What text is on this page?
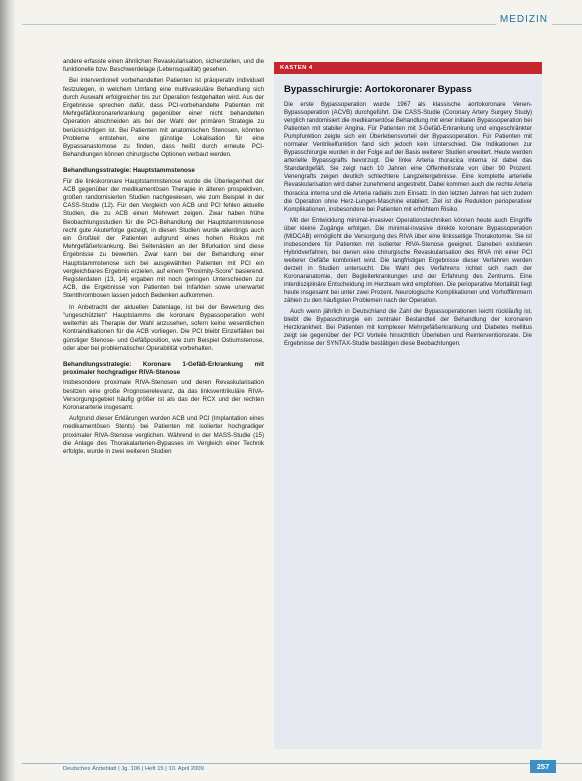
MEDIZIN

andere erfasste einen ähnlichen Revaskularisation, sicherstellen, und die funktionelle bzw. Beschwerdelage (Lebensqualität) gesehen.

Bei interventionell vorbehandelten Patienten ist präoperativ individuell festzulegen, in welchem Umfang eine multivaskuläre Behandlung sich durch Auswahl erfolgreicher bis zur Operation festgehalten wird. Aus der Ergebnisse sprechen dafür, dass PCI-vorbehandelte Patienten mit Mehrgefäßkoronarerkrankung gegenüber einer nicht behandelten Operation abschneiden als bei der Wahl der primären Strategie zu berücksichtigen ist. Bei Patienten mit anatomischen Stenosen, könnten Probleme entstehen, eine günstige Lokalisation für eine Bypassanastomose zu finden, dass heißt durch erneute PCI-Behandlungen können chirurgische Optionen verbaut werden.

Behandlungsstrategie: Hauptstammstenose

Für die linkskoronare Hauptstammstenose wurde die Überlegenheit der ACB gegenüber der medikamentösen Therapie in älteren prospektiven, großen randomisierten Studien nachgewiesen, wie zum Beispiel in der CASS-Studie (12). Für den Vergleich von ACB und PCI fehlen aktuelle Studien, die zu ACB einen Mehrwert zeigen. Zwar haben frühe Beobachtungsstudien für die PCI-Behandlung der Hauptstammstenose recht gute Akuterfolge gezeigt, in diesen Studien wurde allerdings auch ein Großteil der Patienten aufgrund eines hohen Risikos mit Mehrgefäßerkrankung. Bei Seitenästen an der Bifurkation sind diese Ergebnisse zu bewerten. Zwar kann bei der Behandlung einer Hauptstammstenose sich bei ausgewählten Patienten mit PCI ein vergleichbares Ergebnis erzielen, auf einem "Proximity-Score" basierend. Registerdaten (13, 14) ergaben mit noch geringen Unterschieden zur ACB, die Ergebnisse von Patienten bei Infarkten sowie unerwartet Stentthrombosen lassen jedoch Bedenken aufkommen.

In Anbetracht der aktuellen Datenlage, ist bei der Bewertung des "ungeschützten" Hauptstamms die koronare Bypassoperation wohl weiterhin als Therapie der Wahl anzusehen, sofern keine wesentlichen Kontraindikationen für die ACB vorliegen. Die PCI bleibt Einzelfällen bei günstiger Stenose- und Gefäßposition, wie zum Beispiel Ostiumstenose, oder aber bei problematischer Operabilität vorbehalten.

Behandlungsstrategie: Koronare 1-Gefäß-Erkrankung mit proximaler hochgradiger RIVA-Stenose

Insbesondere proximale RIVA-Stenosen und deren Revaskularisation besitzen eine große Prognoserelevanz, da das linksventrikuläre RIVA-Versorgungsgebiet häufig größer ist als das der RCX und der rechten Koronararterie insgesamt.

Aufgrund dieser Erklärungen wurden ACB und PCI (Implantation eines medikamentösen Stents) bei Patienten mit isolierter hochgradiger proximaler RIVA-Stenose verglichen. Während in der MASS-Studie (15) die Anlage des Thorakalarterien-Bypasses im Vergleich einer Technik erfolgte, wurde in zwei weiteren Studien

KASTEN 4
Bypasschirurgie: Aortokoronarer Bypass

Die erste Bypassoperation wurde 1967 als klassische aortokoronare Venen-Bypassoperation (ACVB) durchgeführt. Die CASS-Studie (Coronary Artery Surgery Study) verglich randomisiert die medikamentöse Behandlung mit einer initialen Bypassoperation bei Patienten mit stabiler Angina. Für Patienten mit 3-Gefäß-Erkrankung und eingeschränkter Pumpfunktion zeigte sich ein Überlebensvorteil der Bypassoperation. Für Patienten mit normaler Ventrikelfunktion fand sich jedoch kein Unterschied. Die Indikationen zur Bypasschirurgie wurden in der Folge auf der Basis weiterer Studien erweitert. Heute werden arterielle Bypassgrafts bevorzugt. Die linke Arteria thoracica interna ist dabei das Standardgefäß. Sie zeigt nach 10 Jahren eine Offenheitsrate von über 90 Prozent. Venengrafts zeigen deutlich schlechtere Langzeitergebnisse. Eine komplette arterielle Revaskularisation wird daher zunehmend angestrebt. Dabei kommen auch die rechte Arteria thoracica interna und die Arteria radialis zum Einsatz. In den letzten Jahren hat sich zudem die Operation ohne Herz-Lungen-Maschine etabliert. Ziel ist die Reduktion perioperativer Komplikationen, insbesondere bei Patienten mit erhöhtem Risiko.

Mit der Entwicklung minimal-invasiver Operationstechniken können heute auch Eingriffe über kleine Zugänge erfolgen. Die minimal-invasive direkte koronare Bypassoperation (MIDCAB) ermöglicht die Versorgung des RIVA über eine linksseitige Thorakotomie. Sie ist insbesondere für Patienten mit isolierter RIVA-Stenose geeignet. Daneben existieren Hybridverfahren, bei denen eine chirurgische Revaskularisation des RIVA mit einer PCI weiterer Gefäße kombiniert wird. Die langfristigen Ergebnisse dieser Verfahren werden derzeit in Studien untersucht. Die Wahl des Verfahrens richtet sich nach der Koronaranatomie, den Begleiterkrankungen und der Erfahrung des Zentrums. Eine interdisziplinäre Entscheidung im Herzteam wird empfohlen. Die perioperative Mortalität liegt heute insgesamt bei unter zwei Prozent. Neurologische Komplikationen und Vorhofflimmern zählen zu den häufigsten Problemen nach der Operation.

Auch wenn jährlich in Deutschland die Zahl der Bypassoperationen leicht rückläufig ist, bleibt die Bypasschirurgie ein zentraler Bestandteil der Behandlung der koronaren Herzkrankheit. Bei Patienten mit komplexer Mehrgefäßerkrankung und Diabetes mellitus zeigt sie gegenüber der PCI Vorteile hinsichtlich Überleben und Reinterventionsrate. Die Ergebnisse der SYNTAX-Studie bestätigen diese Beobachtungen.

Deutsches Ärzteblatt | Jg. 106 | Heft 15 | 10. April 2009	257
